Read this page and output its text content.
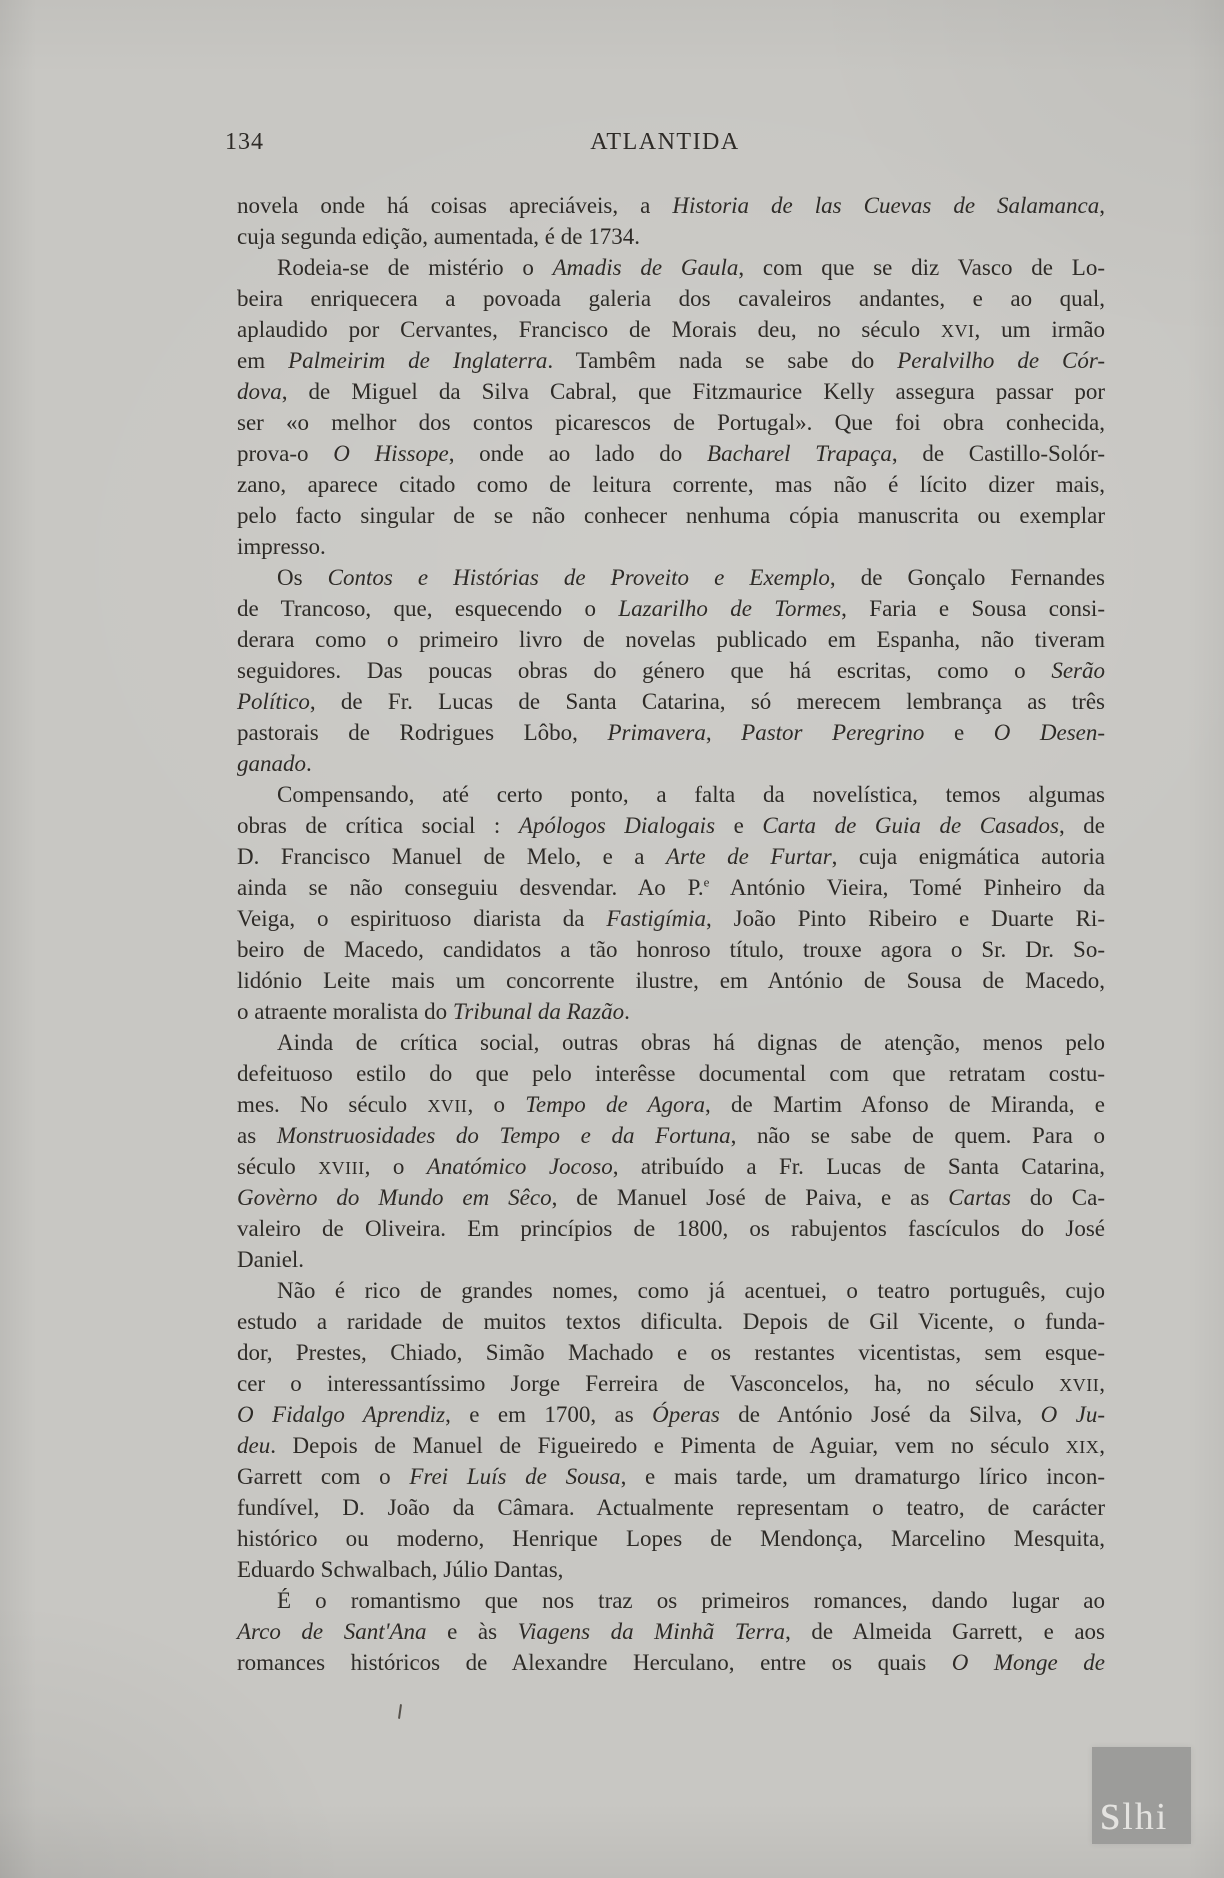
134	ATLANTIDA
novela onde há coisas apreciáveis, a Historia de las Cuevas de Salamanca,
cuja segunda edição, aumentada, é de 1734.
Rodeia-se de mistério o Amadis de Gaula, com que se diz Vasco de Lo-
beira enriquecera a povoada galeria dos cavaleiros andantes, e ao qual,
aplaudido por Cervantes, Francisco de Morais deu, no século XVI, um irmão
em Palmeirim de Inglaterra. Tambêm nada se sabe do Peralvilho de Cór-
dova, de Miguel da Silva Cabral, que Fitzmaurice Kelly assegura passar por
ser «o melhor dos contos picarescos de Portugal». Que foi obra conhecida,
prova-o O Hissope, onde ao lado do Bacharel Trapaça, de Castillo-Solór-
zano, aparece citado como de leitura corrente, mas não é lícito dizer mais,
pelo facto singular de se não conhecer nenhuma cópia manuscrita ou exemplar
impresso.
Os Contos e Histórias de Proveito e Exemplo, de Gonçalo Fernandes
de Trancoso, que, esquecendo o Lazarilho de Tormes, Faria e Sousa consi-
derara como o primeiro livro de novelas publicado em Espanha, não tiveram
seguidores. Das poucas obras do género que há escritas, como o Serão
Político, de Fr. Lucas de Santa Catarina, só merecem lembrança as três
pastorais de Rodrigues Lôbo, Primavera, Pastor Peregrino e O Desen-
ganado.
Compensando, até certo ponto, a falta da novelística, temos algumas
obras de crítica social : Apólogos Dialogais e Carta de Guia de Casados, de
D. Francisco Manuel de Melo, e a Arte de Furtar, cuja enigmática autoria
ainda se não conseguiu desvendar. Ao P.$^e$ António Vieira, Tomé Pinheiro da
Veiga, o espirituoso diarista da Fastigímia, João Pinto Ribeiro e Duarte Ri-
beiro de Macedo, candidatos a tão honroso título, trouxe agora o Sr. Dr. So-
lidónio Leite mais um concorrente ilustre, em António de Sousa de Macedo,
o atraente moralista do Tribunal da Razão.
Ainda de crítica social, outras obras há dignas de atenção, menos pelo
defeituoso estilo do que pelo interêsse documental com que retratam costu-
mes. No século XVII, o Tempo de Agora, de Martim Afonso de Miranda, e
as Monstruosidades do Tempo e da Fortuna, não se sabe de quem. Para o
século XVIII, o Anatómico Jocoso, atribuído a Fr. Lucas de Santa Catarina,
Govèrno do Mundo em Sêco, de Manuel José de Paiva, e as Cartas do Ca-
valeiro de Oliveira. Em princípios de 1800, os rabujentos fascículos do José
Daniel.
Não é rico de grandes nomes, como já acentuei, o teatro português, cujo
estudo a raridade de muitos textos dificulta. Depois de Gil Vicente, o funda-
dor, Prestes, Chiado, Simão Machado e os restantes vicentistas, sem esque-
cer o interessantíssimo Jorge Ferreira de Vasconcelos, ha, no século XVII,
O Fidalgo Aprendiz, e em 1700, as Óperas de António José da Silva, O Ju-
deu. Depois de Manuel de Figueiredo e Pimenta de Aguiar, vem no século XIX,
Garrett com o Frei Luís de Sousa, e mais tarde, um dramaturgo lírico incon-
fundível, D. João da Câmara. Actualmente representam o teatro, de carácter
histórico ou moderno, Henrique Lopes de Mendonça, Marcelino Mesquita,
Eduardo Schwalbach, Júlio Dantas,
É o romantismo que nos traz os primeiros romances, dando lugar ao
Arco de Sant'Ana e às Viagens da Minhã Terra, de Almeida Garrett, e aos
romances históricos de Alexandre Herculano, entre os quais O Monge de
slhi
